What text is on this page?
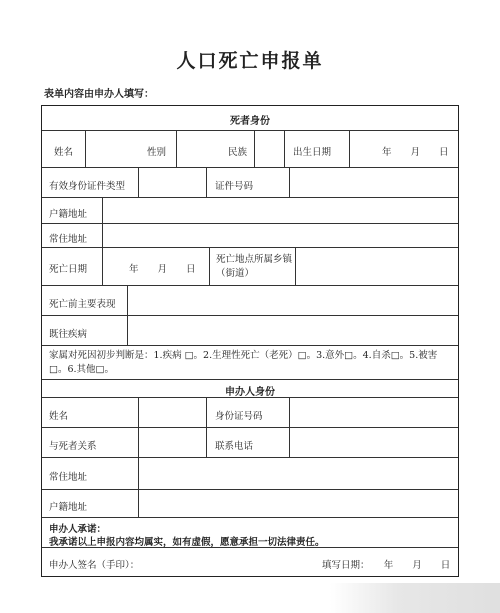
人口死亡申报单
表单内容由申办人填写：
死者身份
姓名	性别	民族	出生日期	年　　月　　日
有效身份证件类型	证件号码
户籍地址
常住地址
死亡日期	年　　月　　日
死亡地点所属乡镇（街道）
死亡前主要表现
既往疾病
家属对死因初步判断是：1.疾病 □。2.生理性死亡（老死）□。3.意外□。4.自杀□。5.被害□。6.其他□。
申办人身份
姓名	身份证号码
与死者关系	联系电话
常住地址
户籍地址
申办人承诺：
我承诺以上申报内容均属实，如有虚假，愿意承担一切法律责任。
申办人签名（手印）：	填写日期：　　年　　月　　日
